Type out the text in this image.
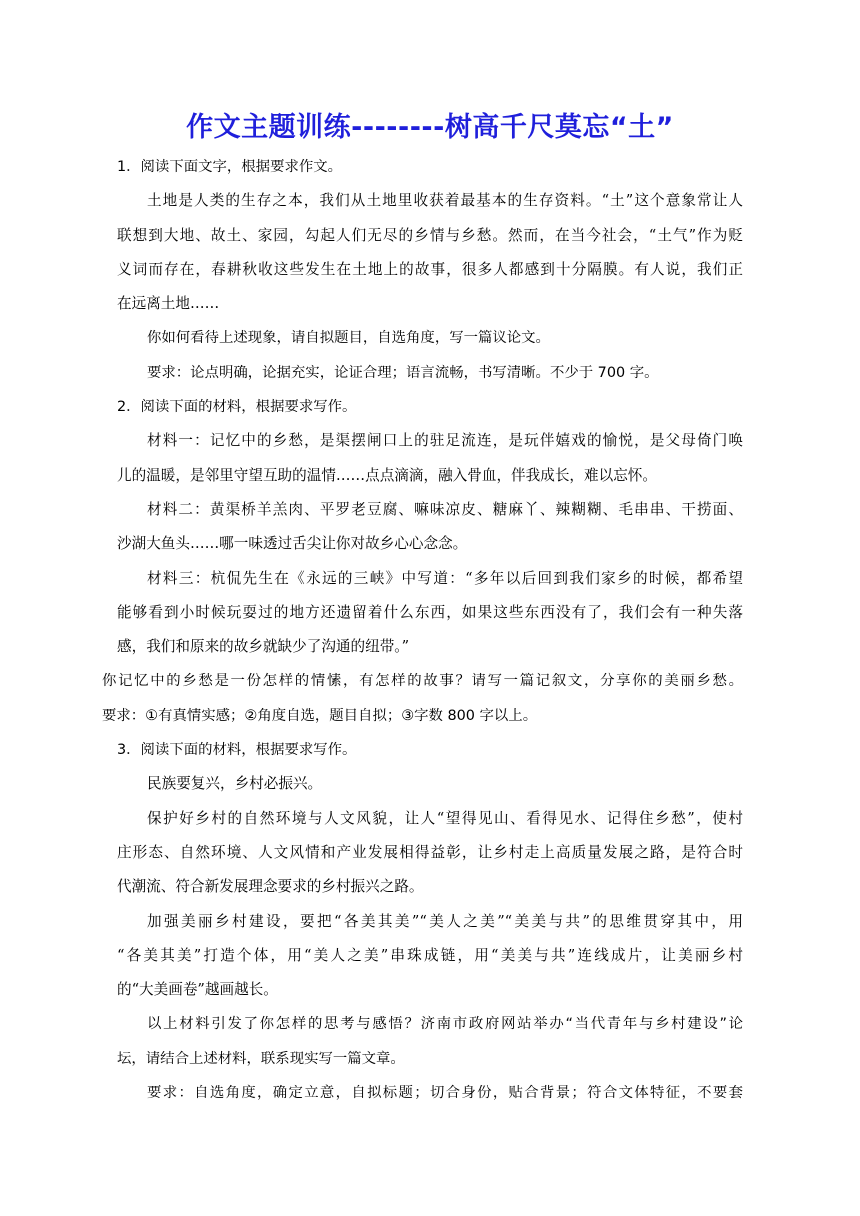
作文主题训练--------树高千尺莫忘“土”
1．阅读下面文字，根据要求作文。
土地是人类的生存之本，我们从土地里收获着最基本的生存资料。“土”这个意象常让人
联想到大地、故土、家园，勾起人们无尽的乡情与乡愁。然而，在当今社会，“土气”作为贬
义词而存在，春耕秋收这些发生在土地上的故事，很多人都感到十分隔膜。有人说，我们正
在远离土地……
你如何看待上述现象，请自拟题目，自选角度，写一篇议论文。
要求：论点明确，论据充实，论证合理；语言流畅，书写清晰。不少于 700 字。
2．阅读下面的材料，根据要求写作。
材料一：记忆中的乡愁，是渠摆闸口上的驻足流连，是玩伴嬉戏的愉悦，是父母倚门唤
儿的温暖，是邻里守望互助的温情……点点滴滴，融入骨血，伴我成长，难以忘怀。
材料二：黄渠桥羊羔肉、平罗老豆腐、嘛味凉皮、糖麻丫、辣糊糊、毛串串、干捞面、
沙湖大鱼头……哪一味透过舌尖让你对故乡心心念念。
材料三：杭侃先生在《永远的三峡》中写道：“多年以后回到我们家乡的时候，都希望
能够看到小时候玩耍过的地方还遗留着什么东西，如果这些东西没有了，我们会有一种失落
感，我们和原来的故乡就缺少了沟通的纽带。”
你记忆中的乡愁是一份怎样的情愫，有怎样的故事？请写一篇记叙文，分享你的美丽乡愁。
要求：①有真情实感；②角度自选，题目自拟；③字数 800 字以上。
3．阅读下面的材料，根据要求写作。
民族要复兴，乡村必振兴。
保护好乡村的自然环境与人文风貌，让人“望得见山、看得见水、记得住乡愁”，使村
庄形态、自然环境、人文风情和产业发展相得益彰，让乡村走上高质量发展之路，是符合时
代潮流、符合新发展理念要求的乡村振兴之路。
加强美丽乡村建设，要把“各美其美”“美人之美”“美美与共”的思维贯穿其中，用
“各美其美”打造个体，用“美人之美”串珠成链，用“美美与共”连线成片，让美丽乡村
的“大美画卷”越画越长。
以上材料引发了你怎样的思考与感悟？济南市政府网站举办“当代青年与乡村建设”论
坛，请结合上述材料，联系现实写一篇文章。
要求：自选角度，确定立意，自拟标题；切合身份，贴合背景；符合文体特征，不要套
